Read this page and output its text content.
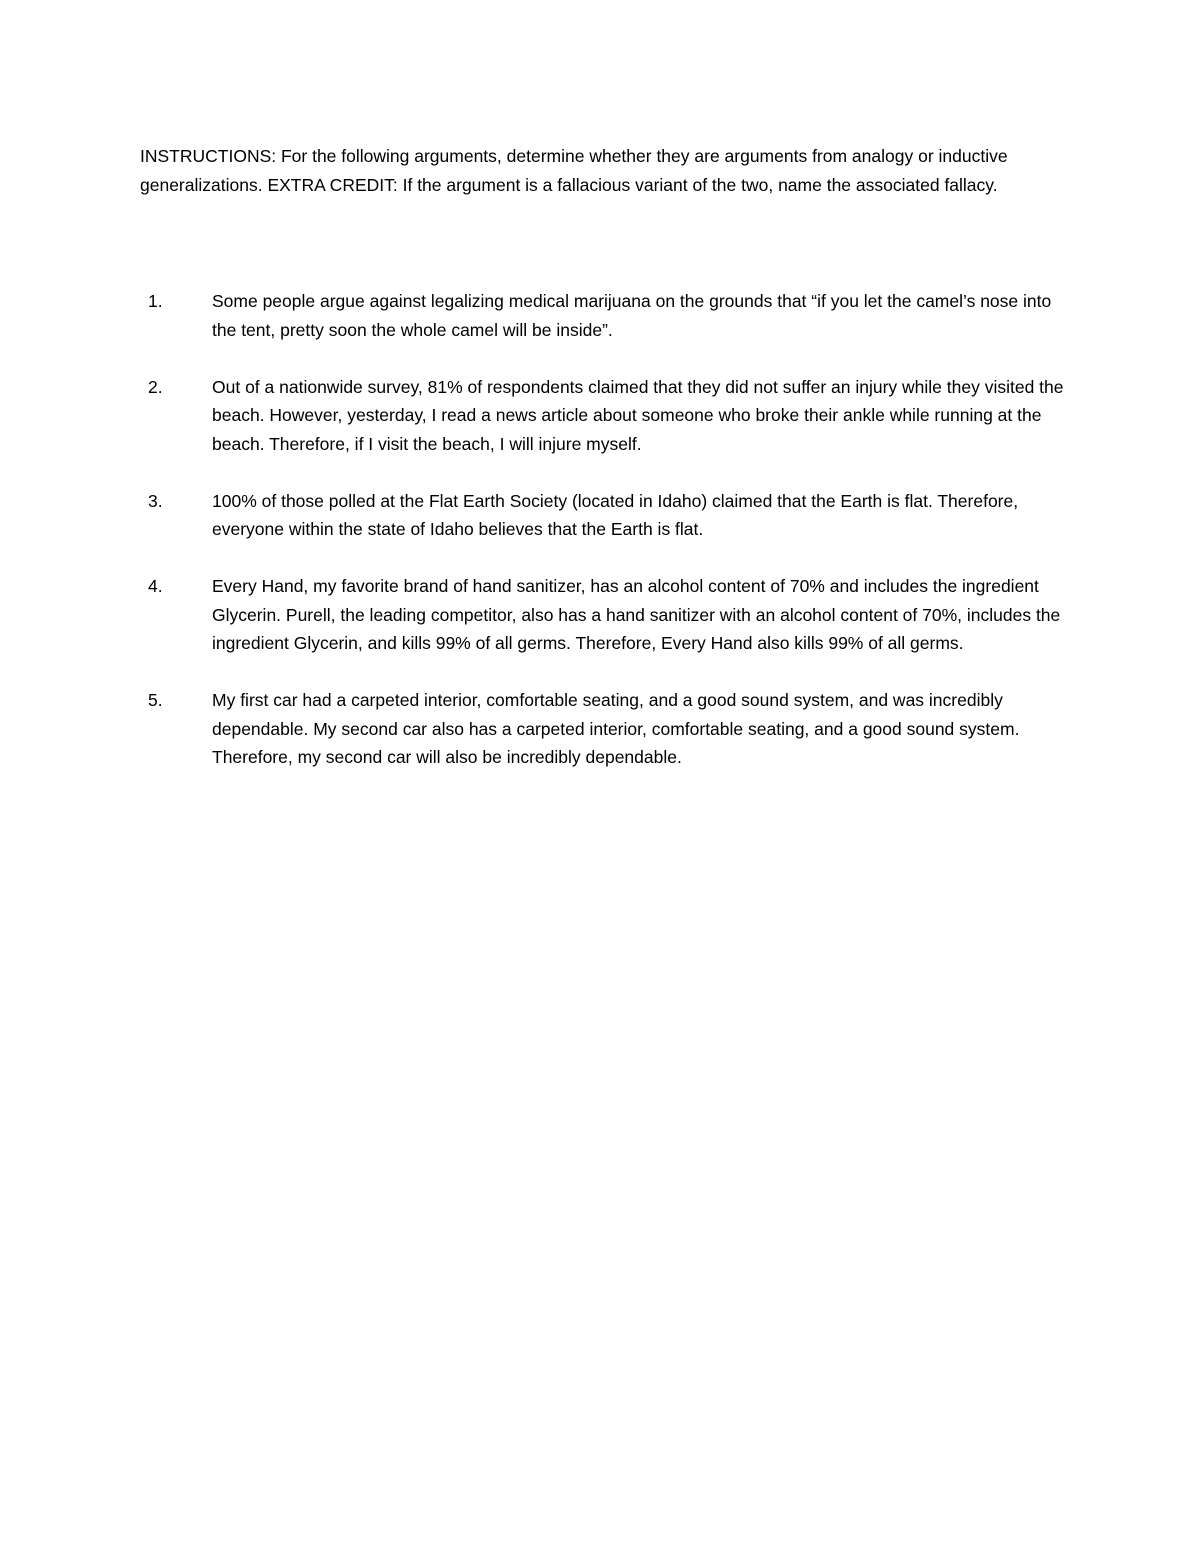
INSTRUCTIONS: For the following arguments, determine whether they are arguments from analogy or inductive generalizations. EXTRA CREDIT: If the argument is a fallacious variant of the two, name the associated fallacy.

1.	Some people argue against legalizing medical marijuana on the grounds that “if you let the camel’s nose into the tent, pretty soon the whole camel will be inside”.
2.	Out of a nationwide survey, 81% of respondents claimed that they did not suffer an injury while they visited the beach. However, yesterday, I read a news article about someone who broke their ankle while running at the beach. Therefore, if I visit the beach, I will injure myself.
3.	100% of those polled at the Flat Earth Society (located in Idaho) claimed that the Earth is flat. Therefore, everyone within the state of Idaho believes that the Earth is flat.
4.	Every Hand, my favorite brand of hand sanitizer, has an alcohol content of 70% and includes the ingredient Glycerin. Purell, the leading competitor, also has a hand sanitizer with an alcohol content of 70%, includes the ingredient Glycerin, and kills 99% of all germs. Therefore, Every Hand also kills 99% of all germs.
5.	My first car had a carpeted interior, comfortable seating, and a good sound system, and was incredibly dependable. My second car also has a carpeted interior, comfortable seating, and a good sound system. Therefore, my second car will also be incredibly dependable.
